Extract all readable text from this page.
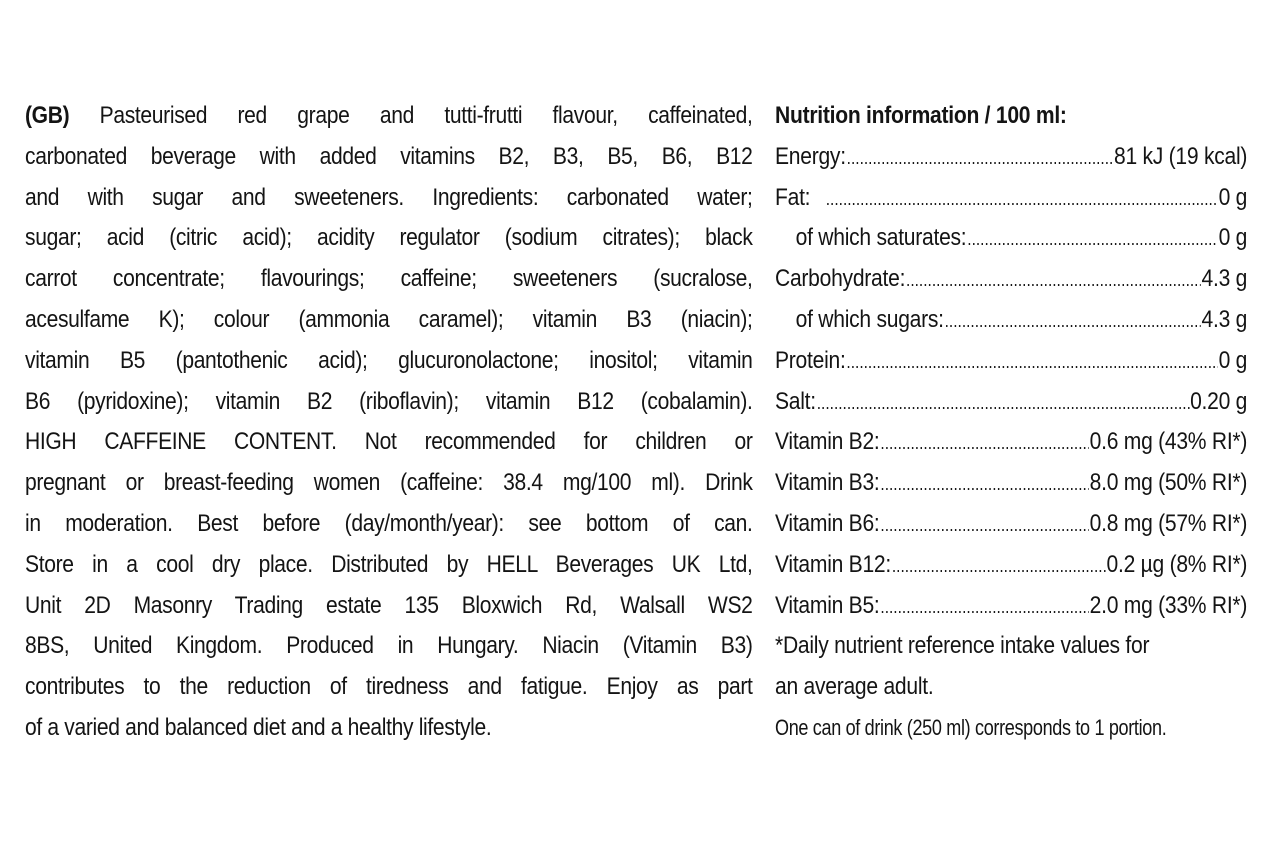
(GB) Pasteurised red grape and tutti-frutti flavour, caffeinated,
carbonated beverage with added vitamins B2, B3, B5, B6, B12
and with sugar and sweeteners. Ingredients: carbonated water;
sugar; acid (citric acid); acidity regulator (sodium citrates); black
carrot concentrate; flavourings; caffeine; sweeteners (sucralose,
acesulfame K); colour (ammonia caramel); vitamin B3 (niacin);
vitamin B5 (pantothenic acid); glucuronolactone; inositol; vitamin
B6 (pyridoxine); vitamin B2 (riboflavin); vitamin B12 (cobalamin).
HIGH CAFFEINE CONTENT. Not recommended for children or
pregnant or breast-feeding women (caffeine: 38.4 mg/100 ml). Drink
in moderation. Best before (day/month/year): see bottom of can.
Store in a cool dry place. Distributed by HELL Beverages UK Ltd,
Unit 2D Masonry Trading estate 135 Bloxwich Rd, Walsall WS2
8BS, United Kingdom. Produced in Hungary. Niacin (Vitamin B3)
contributes to the reduction of tiredness and fatigue. Enjoy as part
of a varied and balanced diet and a healthy lifestyle.
Nutrition information / 100 ml:
Energy: .....	81 kJ (19 kcal)
Fat: .....	0 g
of which saturates: .....	0 g
Carbohydrate: .....	4.3 g
of which sugars: .....	4.3 g
Protein: .....	0 g
Salt: .....	0.20 g
Vitamin B2: .....	0.6 mg (43% RI*)
Vitamin B3: .....	8.0 mg (50% RI*)
Vitamin B6: .....	0.8 mg (57% RI*)
Vitamin B12: .....	0.2 µg (8% RI*)
Vitamin B5: .....	2.0 mg (33% RI*)
*Daily nutrient reference intake values for
an average adult.
One can of drink (250 ml) corresponds to 1 portion.
